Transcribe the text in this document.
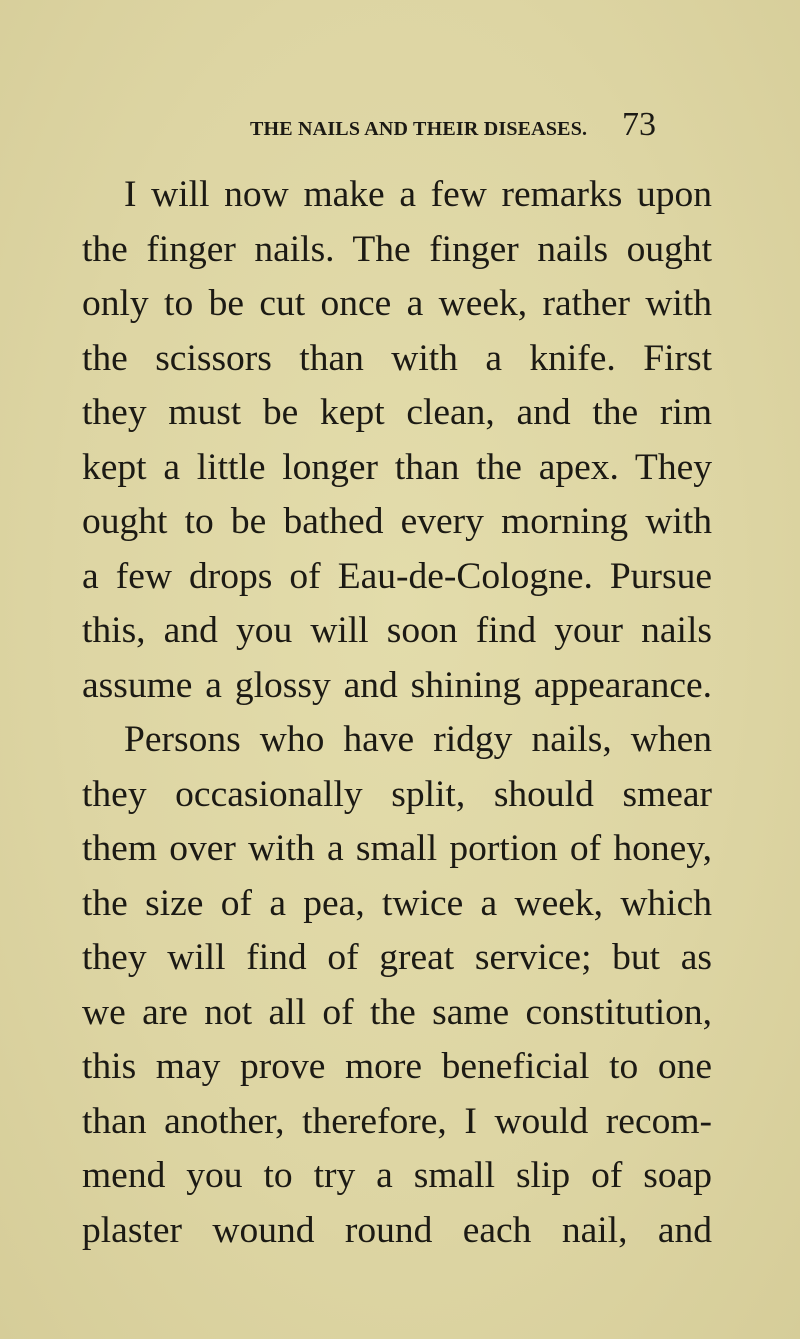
THE NAILS AND THEIR DISEASES. 73
I will now make a few remarks upon
the finger nails. The finger nails ought
only to be cut once a week, rather with
the scissors than with a knife. First
they must be kept clean, and the rim
kept a little longer than the apex. They
ought to be bathed every morning with
a few drops of Eau-de-Cologne. Pursue
this, and you will soon find your nails
assume a glossy and shining appearance.
Persons who have ridgy nails, when
they occasionally split, should smear
them over with a small portion of honey,
the size of a pea, twice a week, which
they will find of great service; but as
we are not all of the same constitution,
this may prove more beneficial to one
than another, therefore, I would recom-
mend you to try a small slip of soap
plaster wound round each nail, and
